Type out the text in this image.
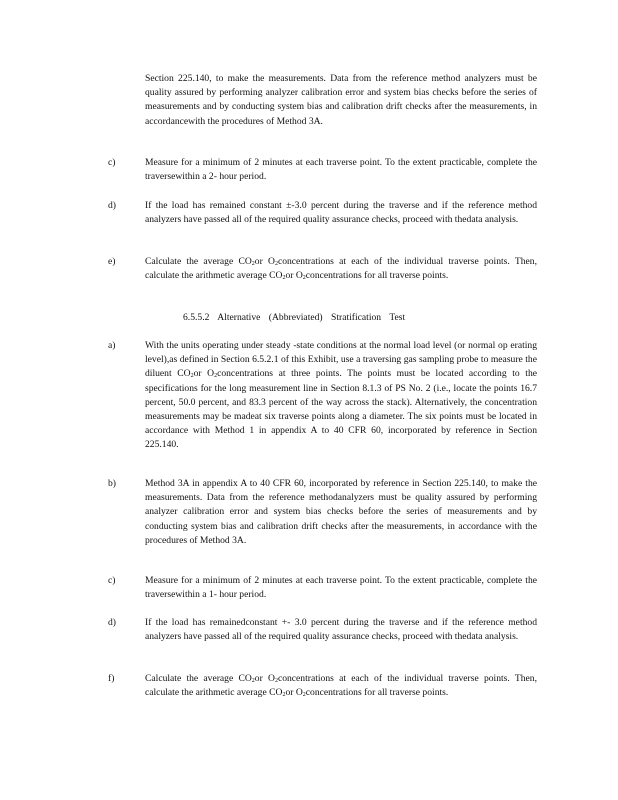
Section 225.140, to make the measurements. Data from the reference method analyzers must be quality assured by performing analyzer calibration error and system bias checks before the series of measurements and by conducting system bias and calibration drift checks after the measurements, in accordancewith the procedures of Method 3A.

c)	Measure for a minimum of 2 minutes at each traverse point. To the extent practicable, complete the traversewithin a 2- hour period.

d)	If the load has remained constant ±-3.0 percent during the traverse and if the reference method analyzers have passed all of the required quality assurance checks, proceed with thedata analysis.

e)	Calculate the average $CO_2or$ $O_2concentrations$ at each of the individual traverse points. Then, calculate the arithmetic average $CO_2or$ $O_2concentrations$ for all traverse points.

6.5.5.2 Alternative (Abbreviated) Stratification Test

a)	With the units operating under steady -state conditions at the normal load level (or normal op erating level),as defined in Section 6.5.2.1 of this Exhibit, use a traversing gas sampling probe to measure the diluent $CO_2or$ $O_2concentrations$ at three points. The points must be located according to the specifications for the long measurement line in Section 8.1.3 of PS No. 2 (i.e., locate the points 16.7 percent, 50.0 percent, and 83.3 percent of the way across the stack). Alternatively, the concentration measurements may be madeat six traverse points along a diameter. The six points must be located in accordance with Method 1 in appendix A to 40 CFR 60, incorporated by reference in Section 225.140.

b)	Method 3A in appendix A to 40 CFR 60, incorporated by reference in Section 225.140, to make the measurements. Data from the reference methodanalyzers must be quality assured by performing analyzer calibration error and system bias checks before the series of measurements and by conducting system bias and calibration drift checks after the measurements, in accordance with the procedures of Method 3A.

c)	Measure for a minimum of 2 minutes at each traverse point. To the extent practicable, complete the traversewithin a 1- hour period.

d)	If the load has remainedconstant +- 3.0 percent during the traverse and if the reference method analyzers have passed all of the required quality assurance checks, proceed with thedata analysis.

f)	Calculate the average $CO_2or$ $O_2concentrations$ at each of the individual traverse points. Then, calculate the arithmetic average $CO_2or$ $O_2concentrations$ for all traverse points.
